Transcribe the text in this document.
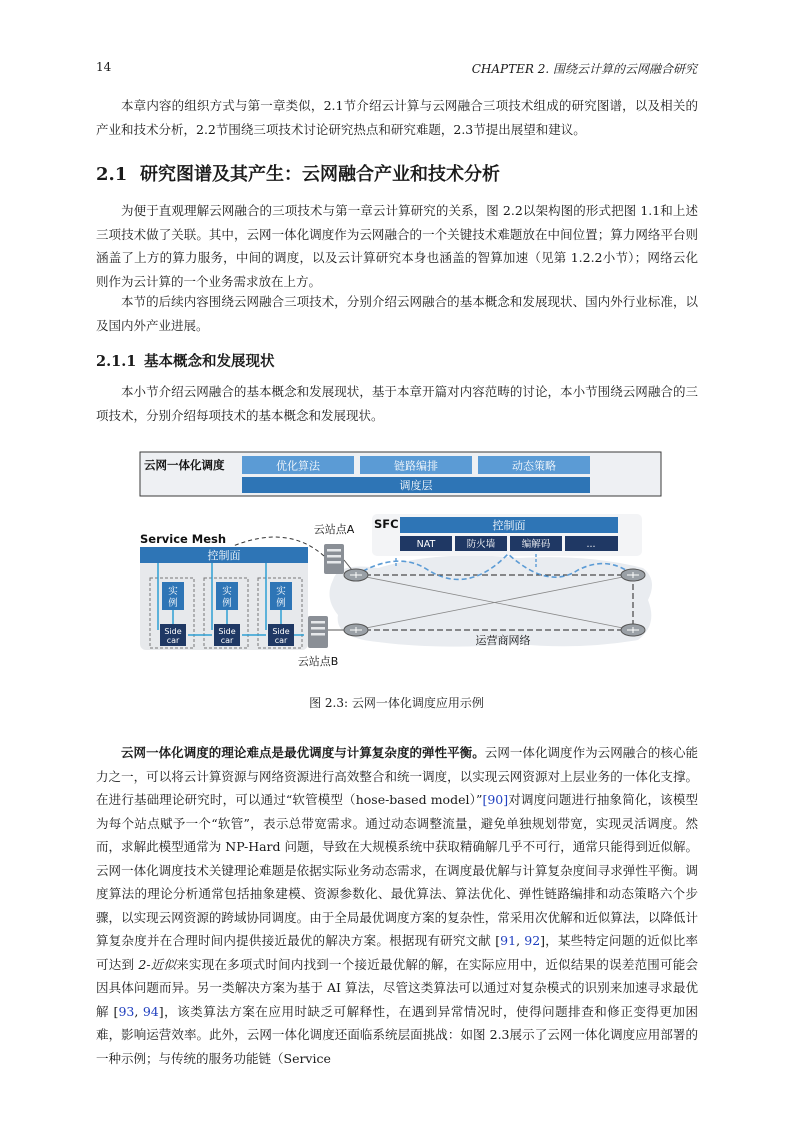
14	CHAPTER 2. 围绕云计算的云网融合研究

本章内容的组织方式与第一章类似，2.1节介绍云计算与云网融合三项技术组成的研究图谱，以及相关的产业和技术分析，2.2节围绕三项技术讨论研究热点和研究难题，2.3节提出展望和建议。

2.1 研究图谱及其产生：云网融合产业和技术分析

为便于直观理解云网融合的三项技术与第一章云计算研究的关系，图 2.2以架构图的形式把图 1.1和上述三项技术做了关联。其中，云网一体化调度作为云网融合的一个关键技术难题放在中间位置；算力网络平台则涵盖了上方的算力服务，中间的调度，以及云计算研究本身也涵盖的智算加速（见第 1.2.2小节）；网络云化则作为云计算的一个业务需求放在上方。

本节的后续内容围绕云网融合三项技术，分别介绍云网融合的基本概念和发展现状、国内外行业标准，以及国内外产业进展。

2.1.1 基本概念和发展现状

本小节介绍云网融合的基本概念和发展现状，基于本章开篇对内容范畴的讨论，本小节围绕云网融合的三项技术，分别介绍每项技术的基本概念和发展现状。

云网一体化调度	优化算法	链路编排	动态策略
调度层
Service Mesh
控制面
实
例
实
例
实
例
Side
car
Side
car
Side
car
云站点A
云站点B
SFC	控制面
NAT	防火墙	编解码	...
运营商网络

图 2.3: 云网一体化调度应用示例

云网一体化调度的理论难点是最优调度与计算复杂度的弹性平衡。云网一体化调度作为云网融合的核心能力之一，可以将云计算资源与网络资源进行高效整合和统一调度，以实现云网资源对上层业务的一体化支撑。在进行基础理论研究时，可以通过“软管模型（hose-based model）”[90]对调度问题进行抽象简化，该模型为每个站点赋予一个“软管”，表示总带宽需求。通过动态调整流量，避免单独规划带宽，实现灵活调度。然而，求解此模型通常为 NP-Hard 问题，导致在大规模系统中获取精确解几乎不可行，通常只能得到近似解。云网一体化调度技术关键理论难题是依据实际业务动态需求，在调度最优解与计算复杂度间寻求弹性平衡。调度算法的理论分析通常包括抽象建模、资源参数化、最优算法、算法优化、弹性链路编排和动态策略六个步骤，以实现云网资源的跨域协同调度。由于全局最优调度方案的复杂性，常采用次优解和近似算法，以降低计算复杂度并在合理时间内提供接近最优的解决方案。根据现有研究文献 [91, 92]，某些特定问题的近似比率可达到 2-近似来实现在多项式时间内找到一个接近最优解的解，在实际应用中，近似结果的误差范围可能会因具体问题而异。另一类解决方案为基于 AI 算法，尽管这类算法可以通过对复杂模式的识别来加速寻求最优解 [93, 94]，该类算法方案在应用时缺乏可解释性，在遇到异常情况时，使得问题排查和修正变得更加困难，影响运营效率。此外，云网一体化调度还面临系统层面挑战：如图 2.3展示了云网一体化调度应用部署的一种示例；与传统的服务功能链（Service
